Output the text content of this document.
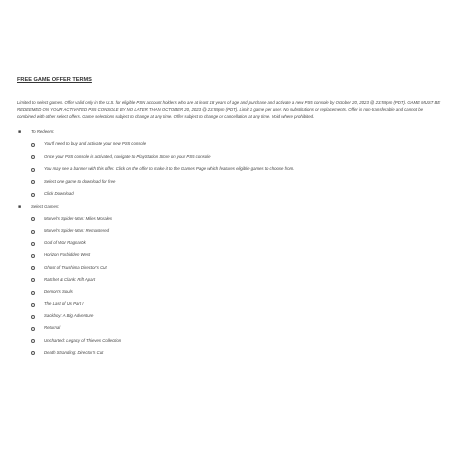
FREE GAME OFFER TERMS
Limited to select games. Offer valid only in the U.S. for eligible PSN account holders who are at least 18 years of age and purchase and activate a new PS5 console by October 20, 2023 @ 23:59pm (PDT). GAME MUST BE REDEEMED ON YOUR ACTIVATED PS5 CONSOLE BY NO LATER THAN OCTOBER 20, 2023 @ 23:59pm (PDT). Limit 1 game per user. No substitutions or replacements. Offer is non-transferable and cannot be combined with other select offers. Game selections subject to change at any time. Offer subject to change or cancellation at any time. Void where prohibited.
■ To Redeem:
You'll need to buy and activate your new PS5 console
Once your PS5 console is activated, navigate to PlayStation Store on your PS5 console
You may see a banner with this offer. Click on the offer to make it to the Games Page which features eligible games to choose from.
Select one game to download for free
Click Download
■ Select Games:
Marvel's Spider-Man: Miles Morales
Marvel's Spider-Man: Remastered
God of War Ragnarök
Horizon Forbidden West
Ghost of Tsushima Director's Cut
Ratchet & Clank: Rift Apart
Demon's Souls
The Last of Us Part I
Sackboy: A Big Adventure
Returnal
Uncharted: Legacy of Thieves Collection
Death Stranding: Director's Cut
